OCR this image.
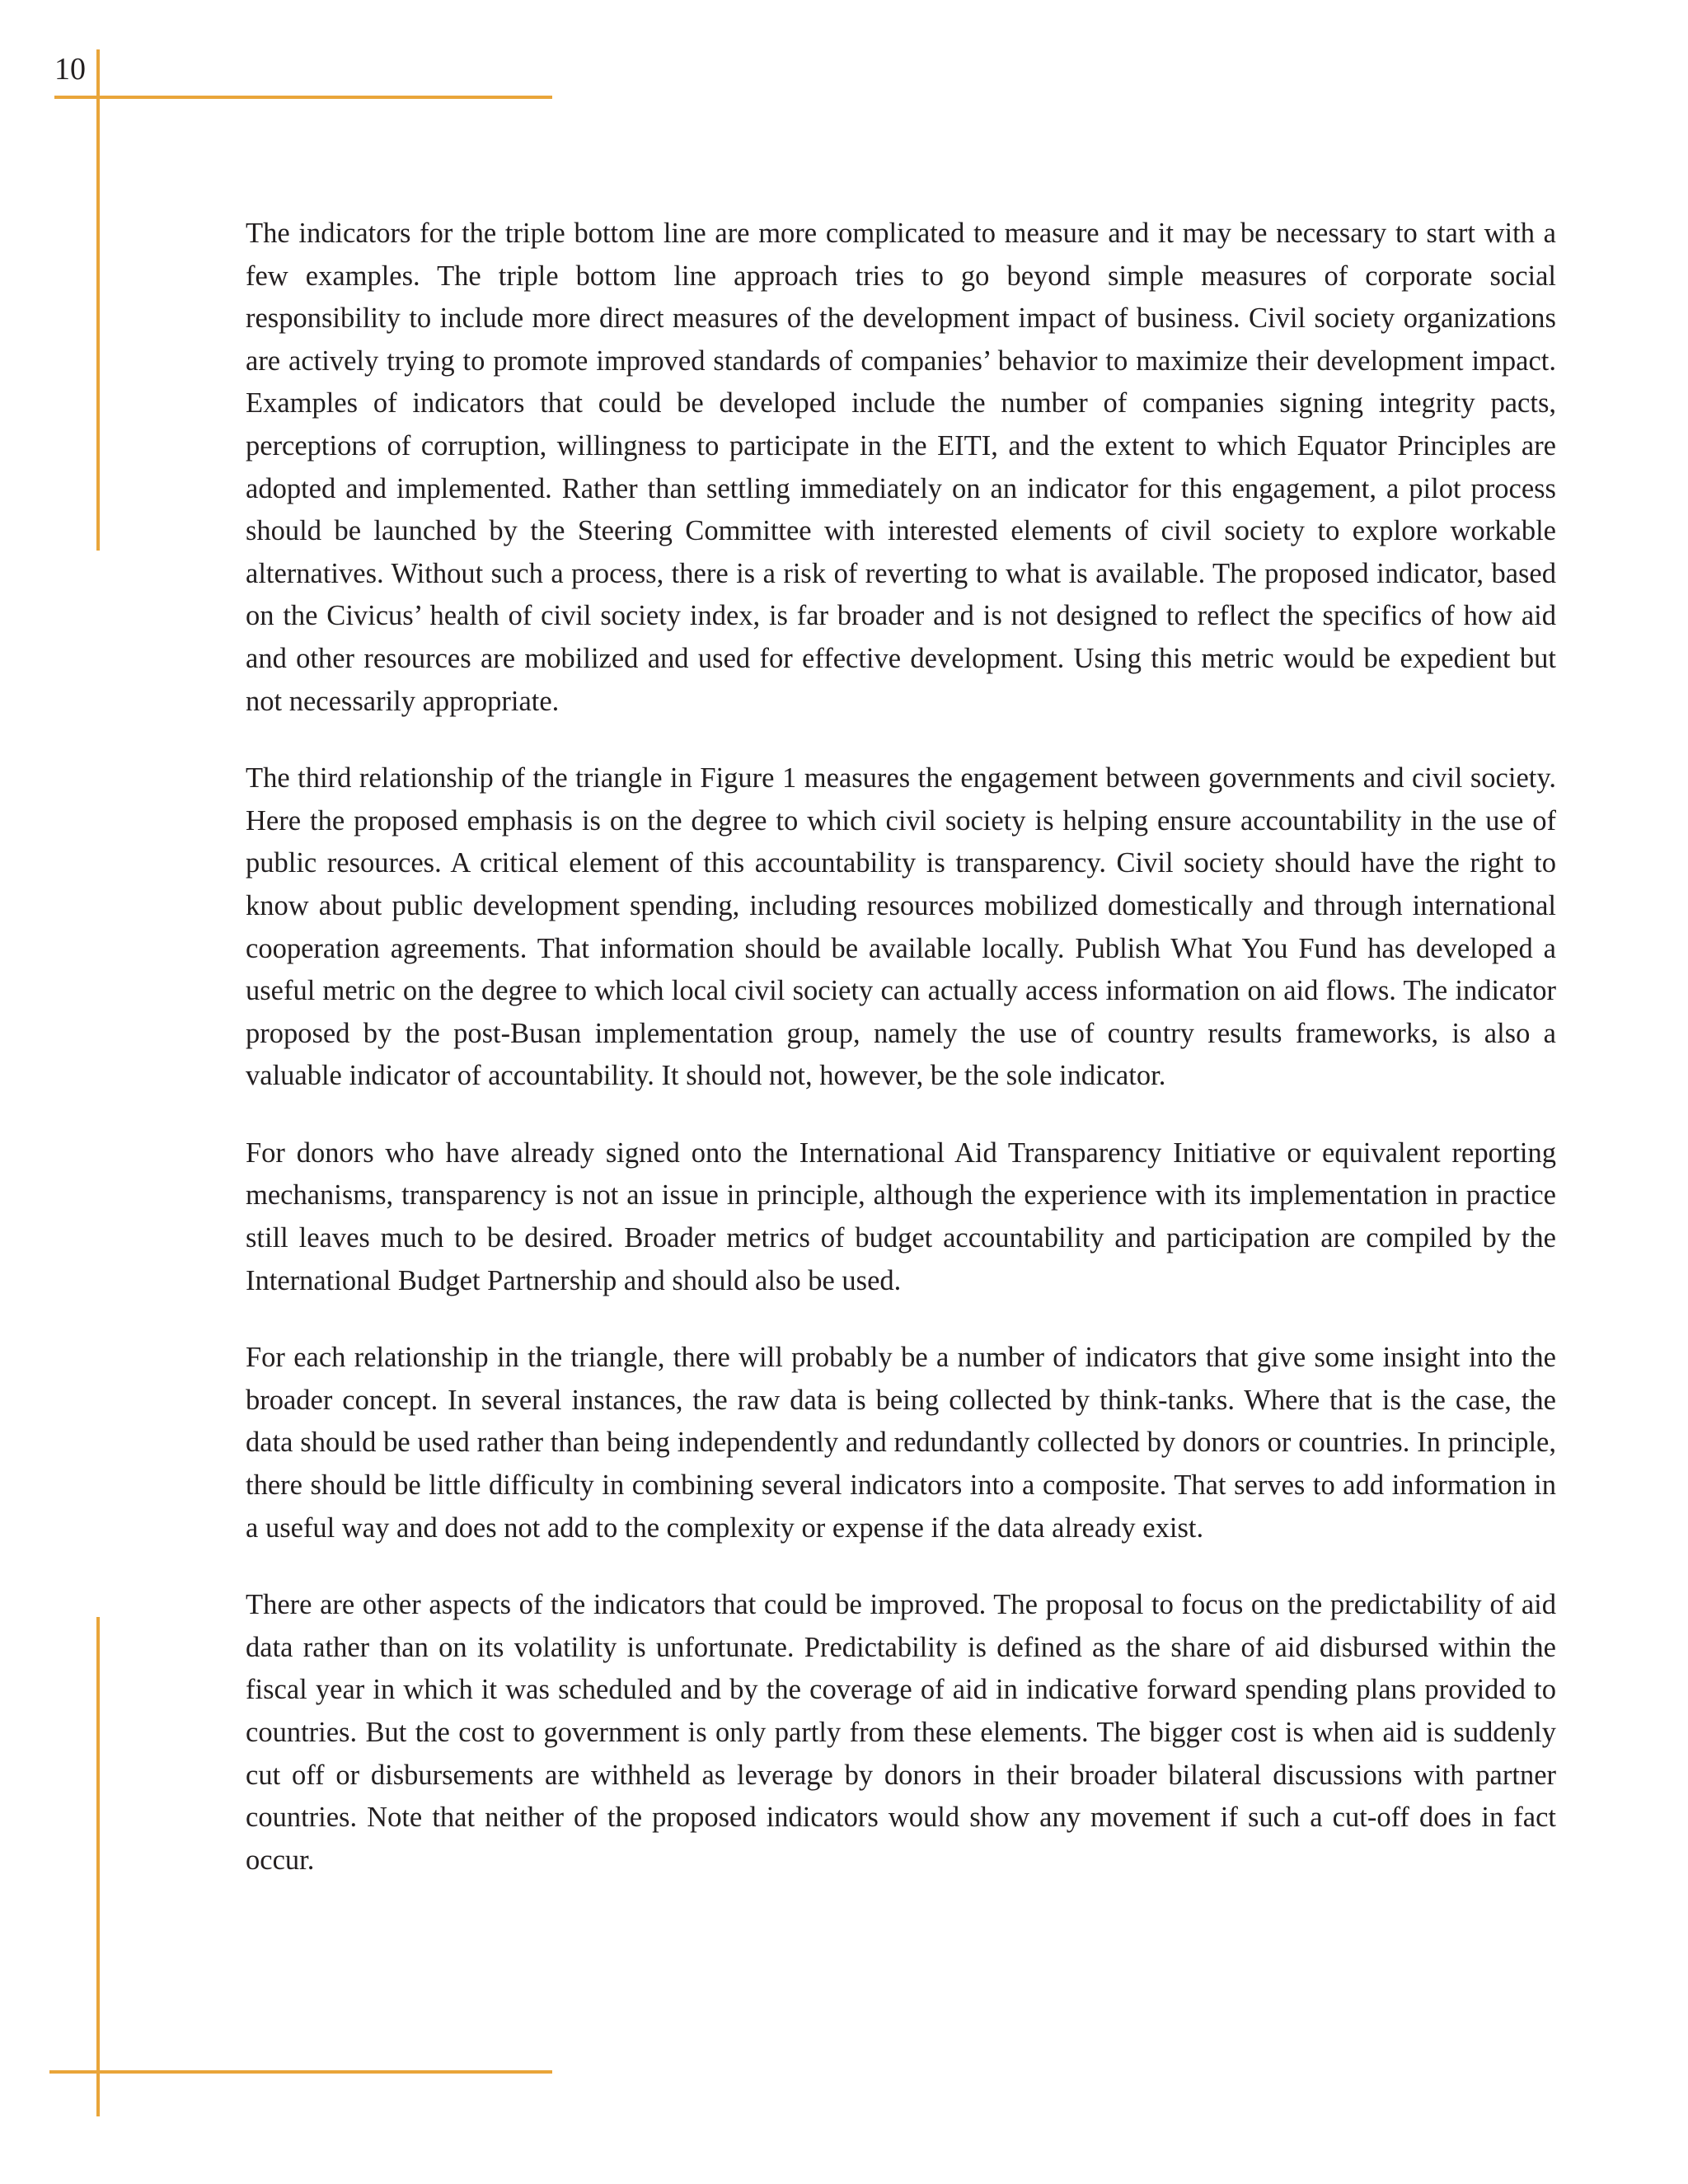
10

The indicators for the triple bottom line are more complicated to measure and it may be necessary to start with a few examples. The triple bottom line approach tries to go beyond simple measures of corporate social responsibility to include more direct measures of the development impact of business. Civil society organizations are actively trying to promote improved standards of companies’ behavior to maximize their development impact. Examples of indicators that could be developed include the number of companies signing integrity pacts, perceptions of corruption, willingness to participate in the EITI, and the extent to which Equator Principles are adopted and implemented. Rather than settling immediately on an indicator for this engagement, a pilot process should be launched by the Steering Committee with interested elements of civil society to explore workable alternatives. Without such a process, there is a risk of reverting to what is available. The proposed indicator, based on the Civicus’ health of civil society index, is far broader and is not designed to reflect the specifics of how aid and other resources are mobilized and used for effective development. Using this metric would be expedient but not necessarily appropriate.

The third relationship of the triangle in Figure 1 measures the engagement between governments and civil society. Here the proposed emphasis is on the degree to which civil society is helping ensure accountability in the use of public resources. A critical element of this accountability is transparency. Civil society should have the right to know about public development spending, including resources mobilized domestically and through international cooperation agreements. That information should be available locally. Publish What You Fund has developed a useful metric on the degree to which local civil society can actually access information on aid flows. The indicator proposed by the post-Busan implementation group, namely the use of country results frameworks, is also a valuable indicator of accountability. It should not, however, be the sole indicator.

For donors who have already signed onto the International Aid Transparency Initiative or equivalent reporting mechanisms, transparency is not an issue in principle, although the experience with its implementation in practice still leaves much to be desired. Broader metrics of budget accountability and participation are compiled by the International Budget Partnership and should also be used.

For each relationship in the triangle, there will probably be a number of indicators that give some insight into the broader concept. In several instances, the raw data is being collected by think-tanks. Where that is the case, the data should be used rather than being independently and redundantly collected by donors or countries. In principle, there should be little difficulty in combining several indicators into a composite. That serves to add information in a useful way and does not add to the complexity or expense if the data already exist.

There are other aspects of the indicators that could be improved. The proposal to focus on the predictability of aid data rather than on its volatility is unfortunate. Predictability is defined as the share of aid disbursed within the fiscal year in which it was scheduled and by the coverage of aid in indicative forward spending plans provided to countries. But the cost to government is only partly from these elements. The bigger cost is when aid is suddenly cut off or disbursements are withheld as leverage by donors in their broader bilateral discussions with partner countries. Note that neither of the proposed indicators would show any movement if such a cut-off does in fact occur.
